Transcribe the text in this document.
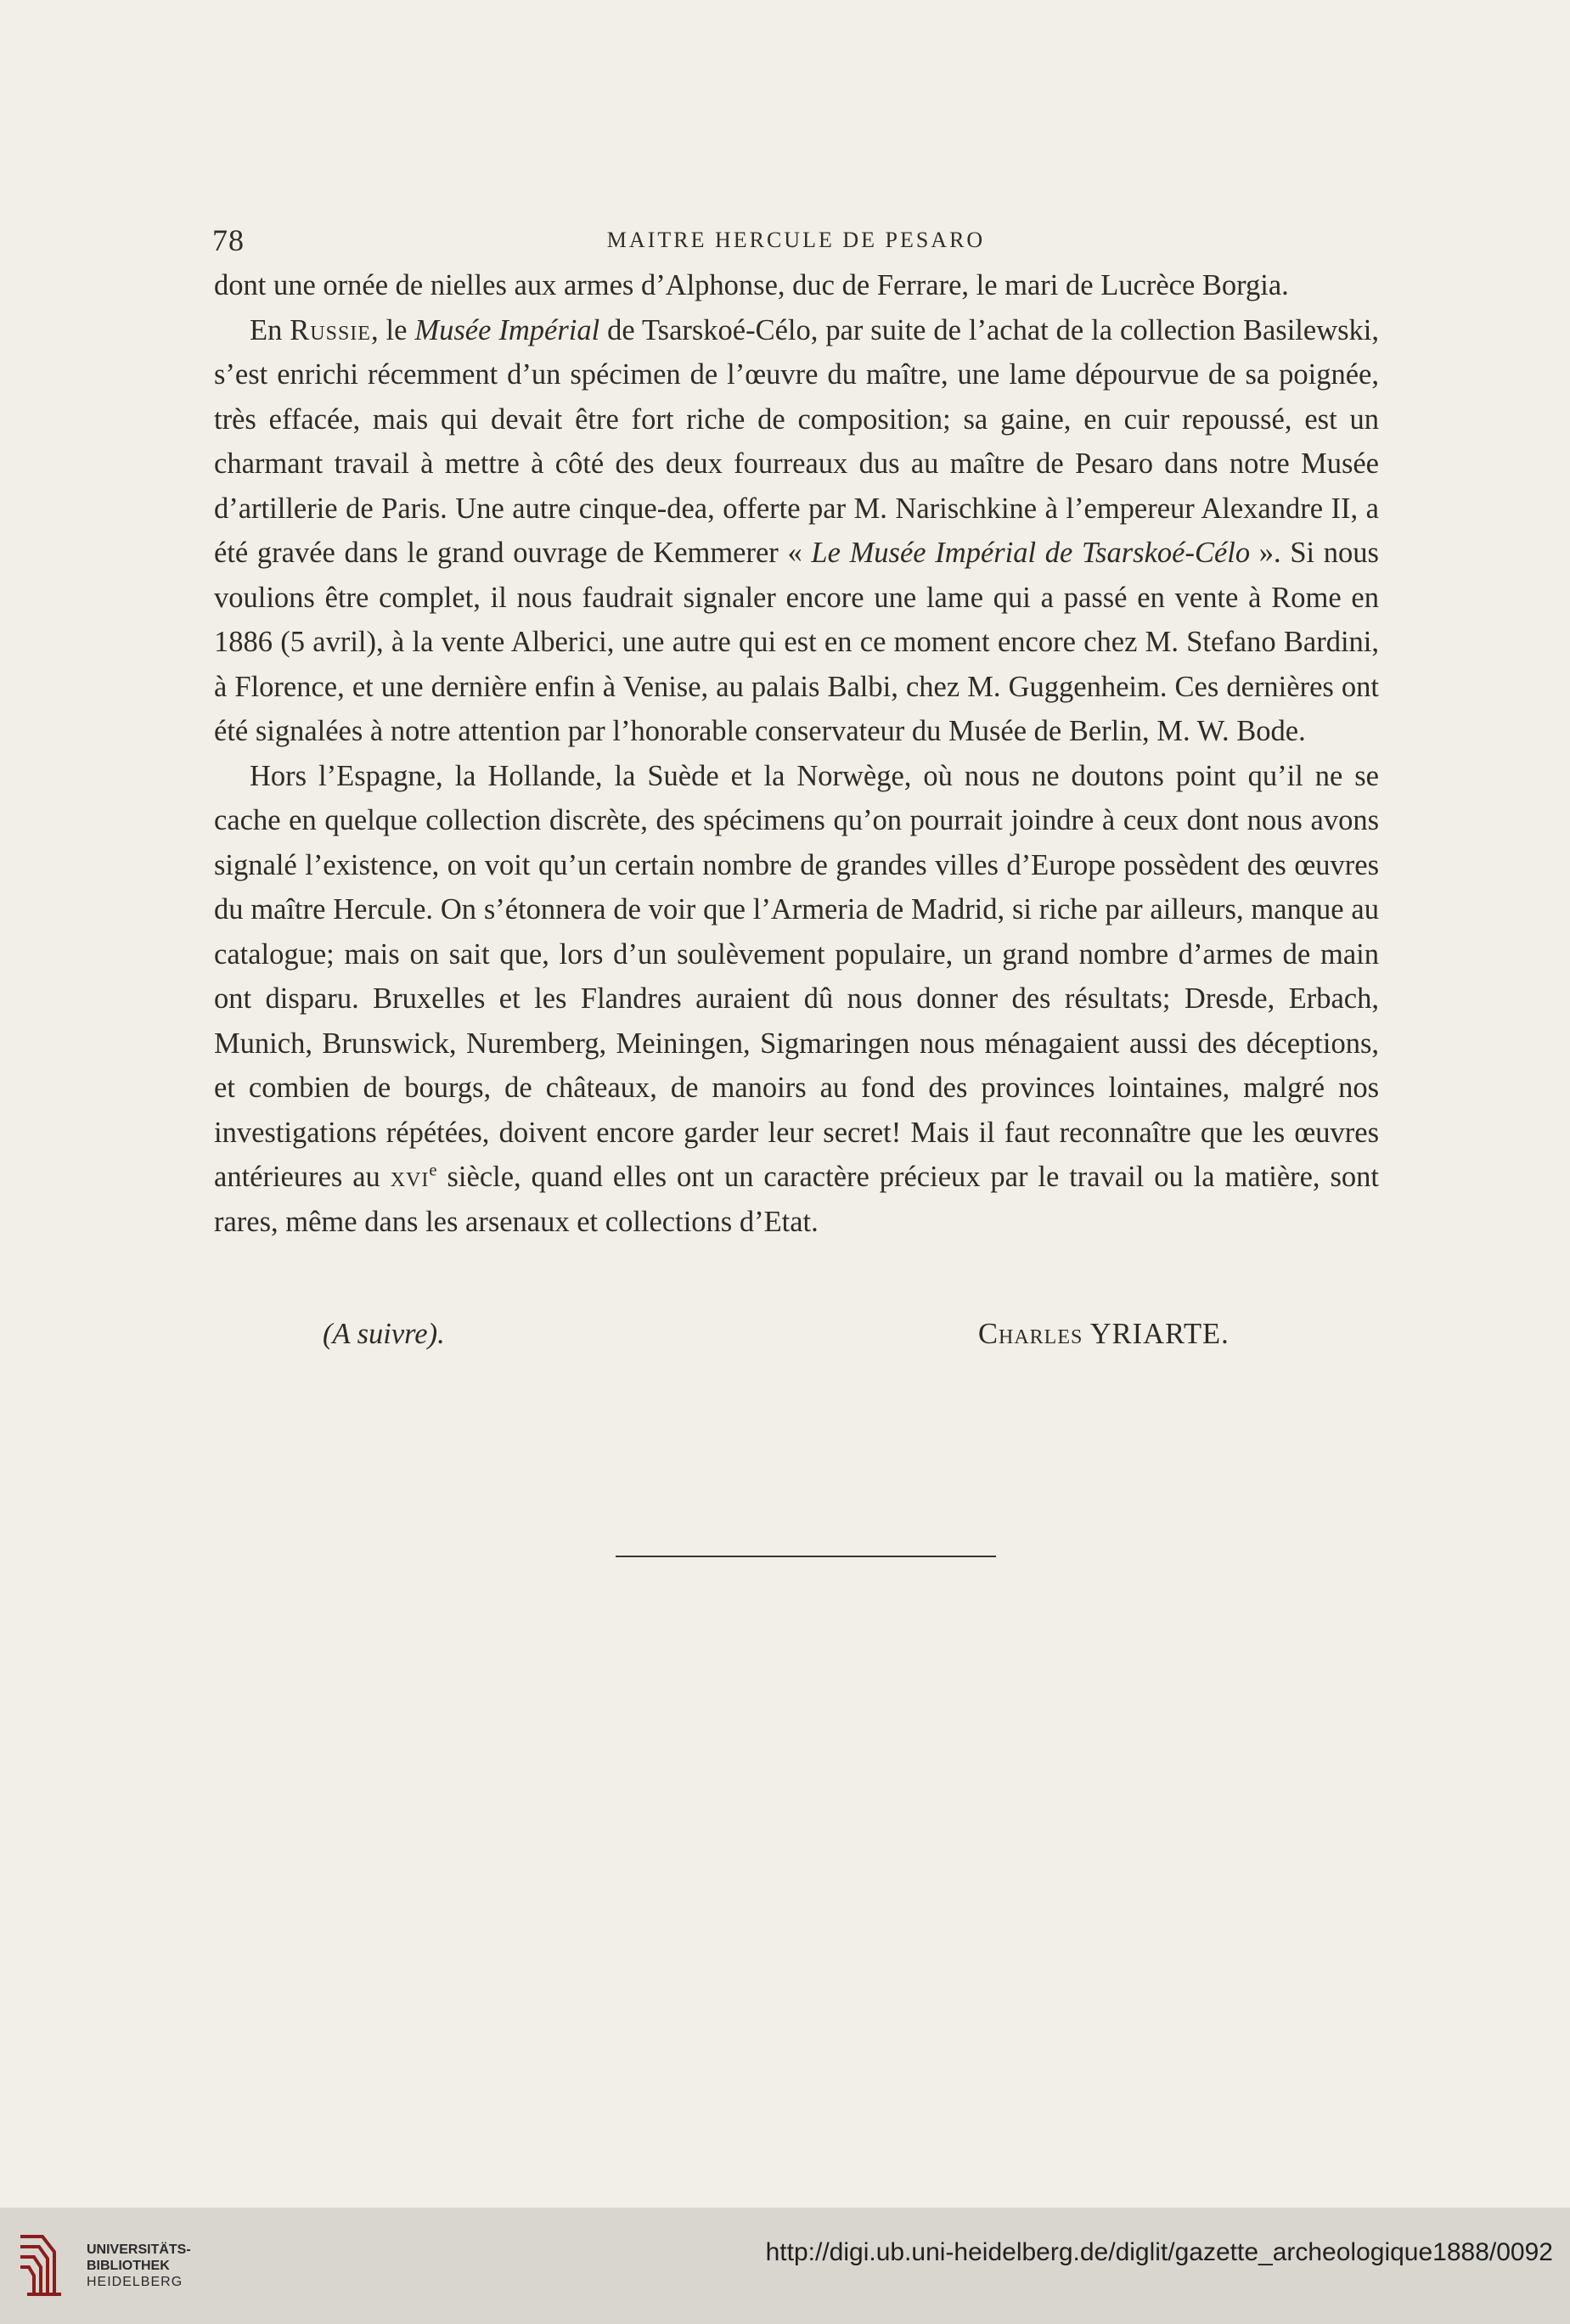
78	MAITRE HERCULE DE PESARO

dont une ornée de nielles aux armes d’Alphonse, duc de Ferrare, le mari de Lucrèce Borgia.

En Russie, le Musée Impérial de Tsarskoé-Célo, par suite de l’achat de la collection Basilewski, s’est enrichi récemment d’un spécimen de l’œuvre du maître, une lame dépourvue de sa poignée, très effacée, mais qui devait être fort riche de composition; sa gaine, en cuir repoussé, est un charmant travail à mettre à côté des deux fourreaux dus au maître de Pesaro dans notre Musée d’artillerie de Paris. Une autre cinque-dea, offerte par M. Narischkine à l’empereur Alexandre II, a été gravée dans le grand ouvrage de Kemmerer « Le Musée Impérial de Tsarskoé-Célo ». Si nous voulions être complet, il nous faudrait signaler encore une lame qui a passé en vente à Rome en 1886 (5 avril), à la vente Alberici, une autre qui est en ce moment encore chez M. Stefano Bardini, à Florence, et une dernière enfin à Venise, au palais Balbi, chez M. Guggenheim. Ces dernières ont été signalées à notre attention par l’honorable conservateur du Musée de Berlin, M. W. Bode.

Hors l’Espagne, la Hollande, la Suède et la Norwège, où nous ne doutons point qu’il ne se cache en quelque collection discrète, des spécimens qu’on pourrait joindre à ceux dont nous avons signalé l’existence, on voit qu’un certain nombre de grandes villes d’Europe possèdent des œuvres du maître Hercule. On s’étonnera de voir que l’Armeria de Madrid, si riche par ailleurs, manque au catalogue; mais on sait que, lors d’un soulèvement populaire, un grand nombre d’armes de main ont disparu. Bruxelles et les Flandres auraient dû nous donner des résultats; Dresde, Erbach, Munich, Brunswick, Nuremberg, Meiningen, Sigmaringen nous ménagaient aussi des déceptions, et combien de bourgs, de châteaux, de manoirs au fond des provinces lointaines, malgré nos investigations répétées, doivent encore garder leur secret! Mais il faut reconnaître que les œuvres antérieures au xvi$^e$ siècle, quand elles ont un caractère précieux par le travail ou la matière, sont rares, même dans les arsenaux et collections d’Etat.

(A suivre).	Charles YRIARTE.
UNIVERSITÄTS-
BIBLIOTHEK
HEIDELBERG
http://digi.ub.uni-heidelberg.de/diglit/gazette_archeologique1888/0092
